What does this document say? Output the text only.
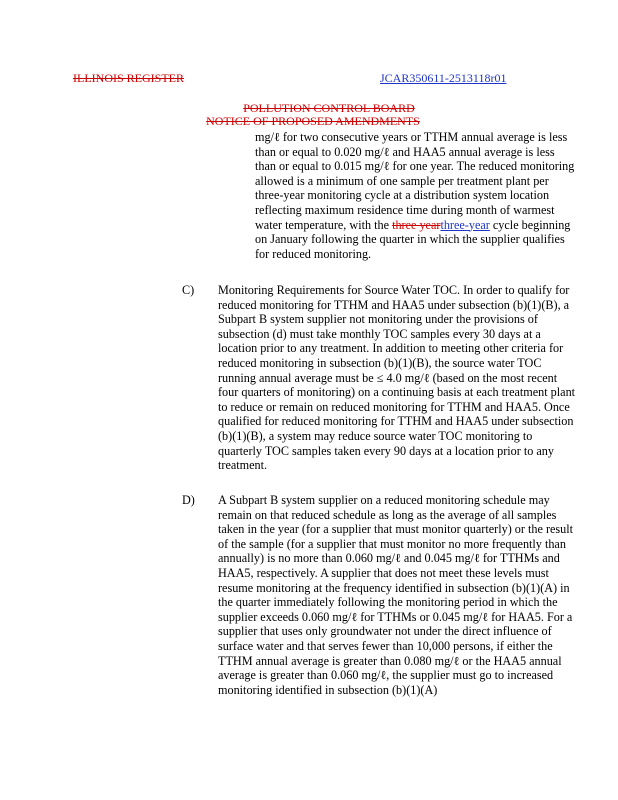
ILLINOIS REGISTER	JCAR350611-2513118r01
POLLUTION CONTROL BOARD
NOTICE OF PROPOSED AMENDMENTS

mg/ℓ for two consecutive years or TTHM annual average is less than or equal to 0.020 mg/ℓ and HAA5 annual average is less than or equal to 0.015 mg/ℓ for one year. The reduced monitoring allowed is a minimum of one sample per treatment plant per three-year monitoring cycle at a distribution system location reflecting maximum residence time during month of warmest water temperature, with the three yearthree-year cycle beginning on January following the quarter in which the supplier qualifies for reduced monitoring.

C) Monitoring Requirements for Source Water TOC. In order to qualify for reduced monitoring for TTHM and HAA5 under subsection (b)(1)(B), a Subpart B system supplier not monitoring under the provisions of subsection (d) must take monthly TOC samples every 30 days at a location prior to any treatment. In addition to meeting other criteria for reduced monitoring in subsection (b)(1)(B), the source water TOC running annual average must be ≤ 4.0 mg/ℓ (based on the most recent four quarters of monitoring) on a continuing basis at each treatment plant to reduce or remain on reduced monitoring for TTHM and HAA5. Once qualified for reduced monitoring for TTHM and HAA5 under subsection (b)(1)(B), a system may reduce source water TOC monitoring to quarterly TOC samples taken every 90 days at a location prior to any treatment.

D) A Subpart B system supplier on a reduced monitoring schedule may remain on that reduced schedule as long as the average of all samples taken in the year (for a supplier that must monitor quarterly) or the result of the sample (for a supplier that must monitor no more frequently than annually) is no more than 0.060 mg/ℓ and 0.045 mg/ℓ for TTHMs and HAA5, respectively. A supplier that does not meet these levels must resume monitoring at the frequency identified in subsection (b)(1)(A) in the quarter immediately following the monitoring period in which the supplier exceeds 0.060 mg/ℓ for TTHMs or 0.045 mg/ℓ for HAA5. For a supplier that uses only groundwater not under the direct influence of surface water and that serves fewer than 10,000 persons, if either the TTHM annual average is greater than 0.080 mg/ℓ or the HAA5 annual average is greater than 0.060 mg/ℓ, the supplier must go to increased monitoring identified in subsection (b)(1)(A)
